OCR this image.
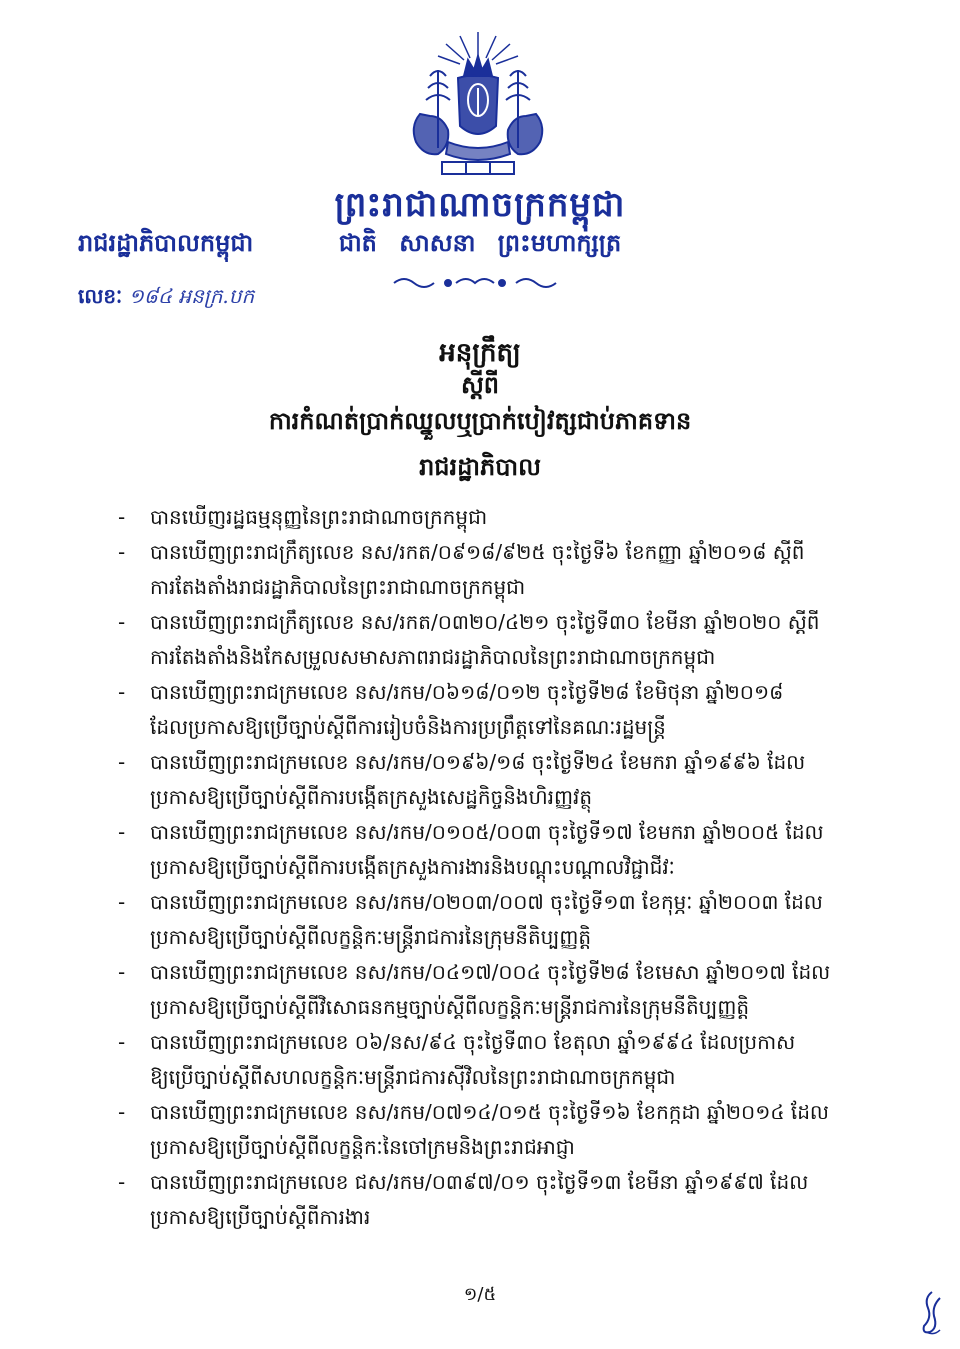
ព្រះរាជាណាចក្រកម្ពុជា
រាជរដ្ឋាភិបាលកម្ពុជា	ជាតិ សាសនា ព្រះមហាក្សត្រ
លេខៈ ១៨៤ អនក្រ.បក
អនុក្រឹត្យ
ស្តីពី
ការកំណត់ប្រាក់ឈ្នួលឬប្រាក់បៀវត្សជាប់ភាគទាន
រាជរដ្ឋាភិបាល
- បានឃើញរដ្ឋធម្មនុញ្ញនៃព្រះរាជាណាចក្រកម្ពុជា
- បានឃើញព្រះរាជក្រឹត្យលេខ នស/រកត/០៩១៨/៩២៥ ចុះថ្ងៃទី៦ ខែកញ្ញា ឆ្នាំ២០១៨ ស្តីពី
ការតែងតាំងរាជរដ្ឋាភិបាលនៃព្រះរាជាណាចក្រកម្ពុជា
- បានឃើញព្រះរាជក្រឹត្យលេខ នស/រកត/០៣២០/៤២១ ចុះថ្ងៃទី៣០ ខែមីនា ឆ្នាំ២០២០ ស្តីពី
ការតែងតាំងនិងកែសម្រួលសមាសភាពរាជរដ្ឋាភិបាលនៃព្រះរាជាណាចក្រកម្ពុជា
- បានឃើញព្រះរាជក្រមលេខ នស/រកម/០៦១៨/០១២ ចុះថ្ងៃទី២៨ ខែមិថុនា ឆ្នាំ២០១៨
ដែលប្រកាសឱ្យប្រើច្បាប់ស្តីពីការរៀបចំនិងការប្រព្រឹត្តទៅនៃគណៈរដ្ឋមន្ត្រី
- បានឃើញព្រះរាជក្រមលេខ នស/រកម/០១៩៦/១៨ ចុះថ្ងៃទី២៤ ខែមករា ឆ្នាំ១៩៩៦ ដែល
ប្រកាសឱ្យប្រើច្បាប់ស្តីពីការបង្កើតក្រសួងសេដ្ឋកិច្ចនិងហិរញ្ញវត្ថុ
- បានឃើញព្រះរាជក្រមលេខ នស/រកម/០១០៥/០០៣ ចុះថ្ងៃទី១៧ ខែមករា ឆ្នាំ២០០៥ ដែល
ប្រកាសឱ្យប្រើច្បាប់ស្តីពីការបង្កើតក្រសួងការងារនិងបណ្តុះបណ្តាលវិជ្ជាជីវៈ
- បានឃើញព្រះរាជក្រមលេខ នស/រកម/០២០៣/០០៧ ចុះថ្ងៃទី១៣ ខែកុម្ភៈ ឆ្នាំ២០០៣ ដែល
ប្រកាសឱ្យប្រើច្បាប់ស្តីពីលក្ខន្តិកៈមន្ត្រីរាជការនៃក្រុមនីតិប្បញ្ញត្តិ
- បានឃើញព្រះរាជក្រមលេខ នស/រកម/០៤១៧/០០៤ ចុះថ្ងៃទី២៨ ខែមេសា ឆ្នាំ២០១៧ ដែល
ប្រកាសឱ្យប្រើច្បាប់ស្តីពីវិសោធនកម្មច្បាប់ស្តីពីលក្ខន្តិកៈមន្ត្រីរាជការនៃក្រុមនីតិប្បញ្ញត្តិ
- បានឃើញព្រះរាជក្រមលេខ ០៦/នស/៩៤ ចុះថ្ងៃទី៣០ ខែតុលា ឆ្នាំ១៩៩៤ ដែលប្រកាស
ឱ្យប្រើច្បាប់ស្តីពីសហលក្ខន្តិកៈមន្ត្រីរាជការស៊ីវិលនៃព្រះរាជាណាចក្រកម្ពុជា
- បានឃើញព្រះរាជក្រមលេខ នស/រកម/០៧១៤/០១៥ ចុះថ្ងៃទី១៦ ខែកក្កដា ឆ្នាំ២០១៤ ដែល
ប្រកាសឱ្យប្រើច្បាប់ស្តីពីលក្ខន្តិកៈនៃចៅក្រមនិងព្រះរាជអាជ្ញា
- បានឃើញព្រះរាជក្រមលេខ ជស/រកម/០៣៩៧/០១ ចុះថ្ងៃទី១៣ ខែមីនា ឆ្នាំ១៩៩៧ ដែល
ប្រកាសឱ្យប្រើច្បាប់ស្តីពីការងារ
១/៥
